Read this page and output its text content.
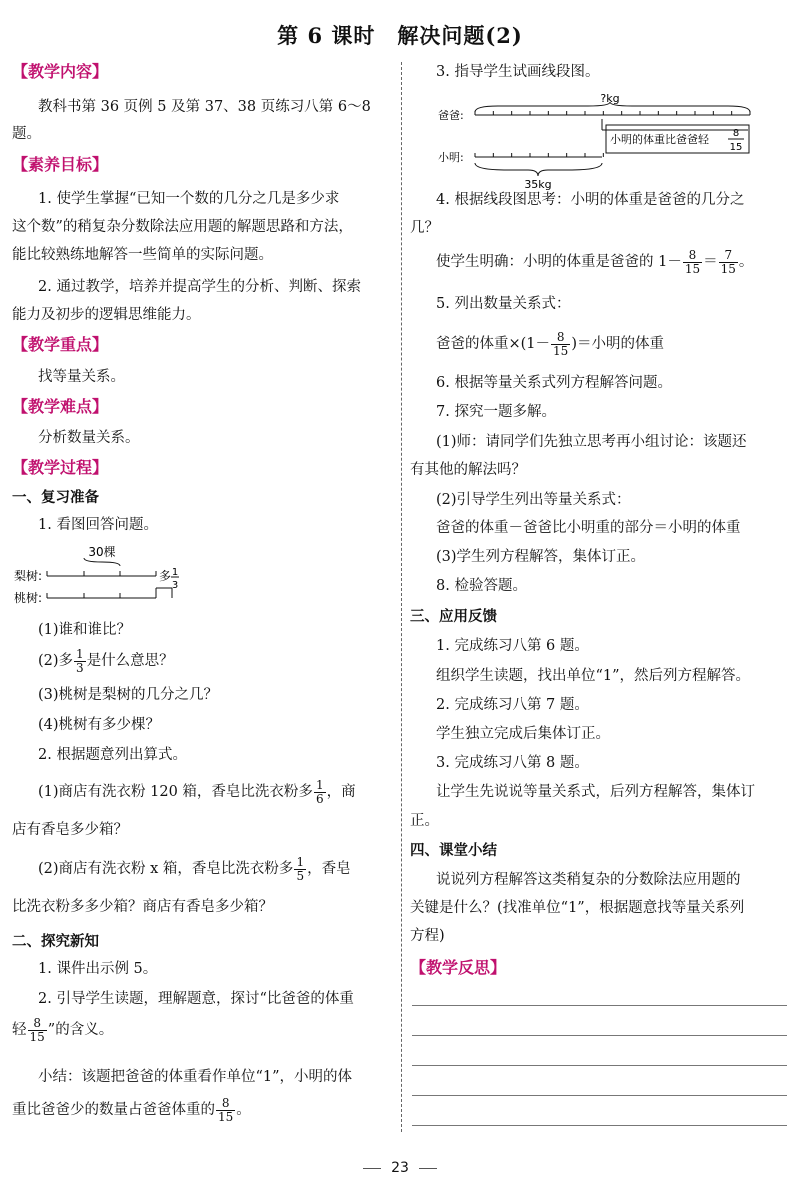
第 6 课时 解决问题(2)
【教学内容】
教科书第 36 页例 5 及第 37、38 页练习八第 6～8
题。
【素养目标】
1. 使学生掌握“已知一个数的几分之几是多少求
这个数”的稍复杂分数除法应用题的解题思路和方法，
能比较熟练地解答一些简单的实际问题。
2. 通过教学，培养并提高学生的分析、判断、探索
能力及初步的逻辑思维能力。
【教学重点】
找等量关系。
【教学难点】
分析数量关系。
【教学过程】
一、复习准备
1. 看图回答问题。
30棵
梨树:	多 1
3
桃树:
(1)谁和谁比？
(2)多 $\frac{1}{3}$ 是什么意思？
(3)桃树是梨树的几分之几？
(4)桃树有多少棵？
2. 根据题意列出算式。
(1)商店有洗衣粉 120 箱，香皂比洗衣粉多 $\frac{1}{6}$ ，商
店有香皂多少箱？
(2)商店有洗衣粉 x 箱，香皂比洗衣粉多 $\frac{1}{5}$ ，香皂
比洗衣粉多多少箱？商店有香皂多少箱？
二、探究新知
1. 课件出示例 5。
2. 引导学生读题，理解题意，探讨“比爸爸的体重
轻 $\frac{8}{15}$ ”的含义。
小结：该题把爸爸的体重看作单位“1”，小明的体
重比爸爸少的数量占爸爸体重的 $\frac{8}{15}$ 。
3. 指导学生试画线段图。
?kg
爸爸:
小明的体重比爸爸轻 8
15
小明:
35kg
4. 根据线段图思考：小明的体重是爸爸的几分之
几？
使学生明确：小明的体重是爸爸的 $1- \frac{8}{15} = \frac{7}{15}$ 。
5. 列出数量关系式：
爸爸的体重$\times(1- \frac{8}{15}$ )＝小明的体重
6. 根据等量关系式列方程解答问题。
7. 探究一题多解。
(1)师：请同学们先独立思考再小组讨论：该题还
有其他的解法吗？
(2)引导学生列出等量关系式：
爸爸的体重－爸爸比小明重的部分＝小明的体重
(3)学生列方程解答，集体订正。
8. 检验答题。
三、应用反馈
1. 完成练习八第 6 题。
组织学生读题，找出单位“1”，然后列方程解答。
2. 完成练习八第 7 题。
学生独立完成后集体订正。
3. 完成练习八第 8 题。
让学生先说说等量关系式，后列方程解答，集体订
正。
四、课堂小结
说说列方程解答这类稍复杂的分数除法应用题的
关键是什么？(找准单位“1”，根据题意找等量关系列
方程)
【教学反思】
23
